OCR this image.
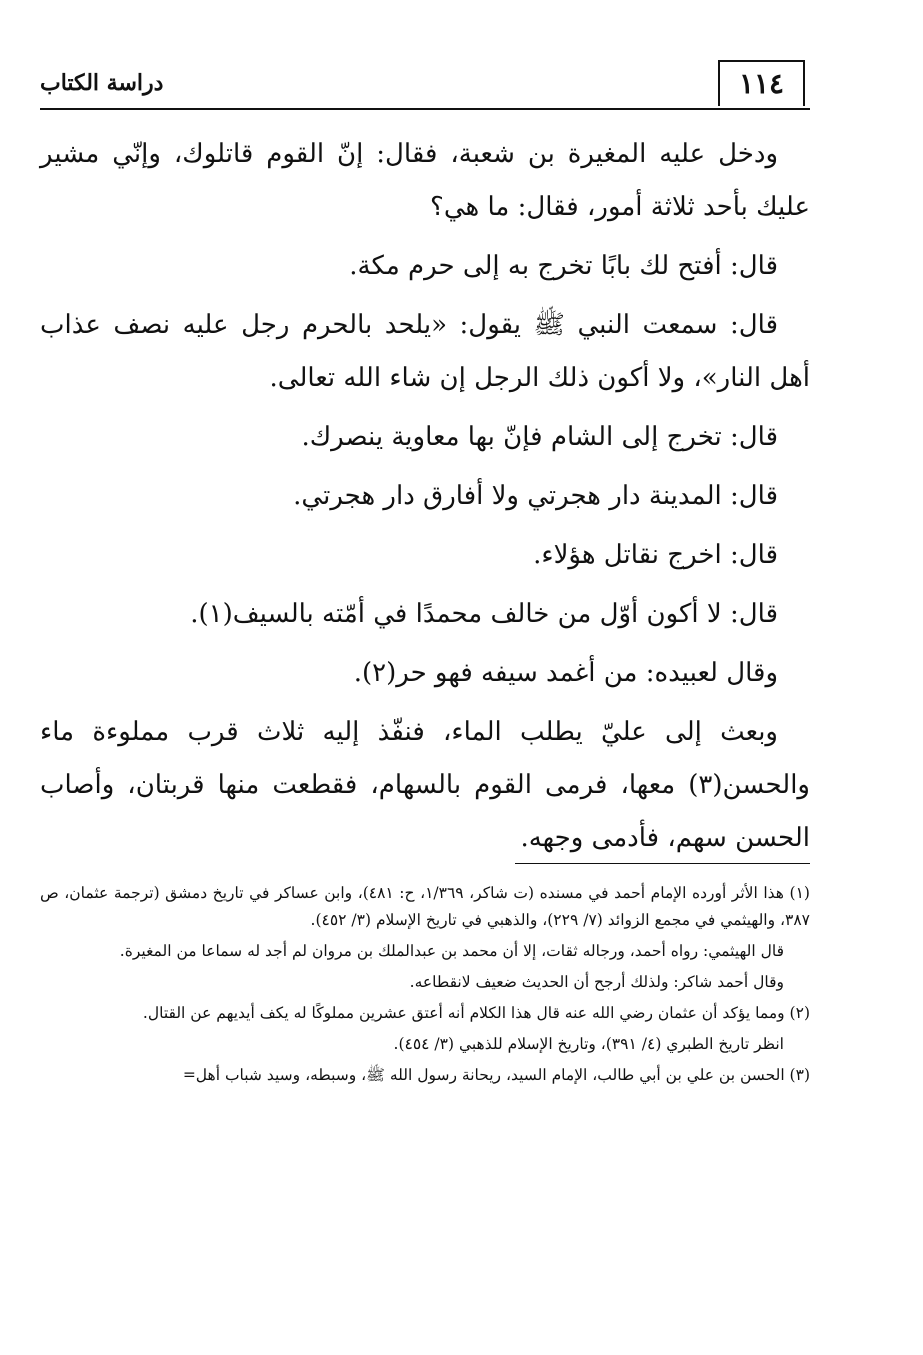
١١٤
دراسة الكتاب

ودخل عليه المغيرة بن شعبة، فقال: إنّ القوم قاتلوك، وإنّي مشير عليك بأحد ثلاثة أمور، فقال: ما هي؟

قال: أفتح لك بابًا تخرج به إلى حرم مكة.

قال: سمعت النبي ﷺ يقول: «يلحد بالحرم رجل عليه نصف عذاب أهل النار»، ولا أكون ذلك الرجل إن شاء الله تعالى.

قال: تخرج إلى الشام فإنّ بها معاوية ينصرك.

قال: المدينة دار هجرتي ولا أفارق دار هجرتي.

قال: اخرج نقاتل هؤلاء.

قال: لا أكون أوّل من خالف محمدًا في أمّته بالسيف(١).

وقال لعبيده: من أغمد سيفه فهو حر(٢).

وبعث إلى عليّ يطلب الماء، فنفّذ إليه ثلاث قرب مملوءة ماء والحسن(٣) معها، فرمى القوم بالسهام، فقطعت منها قربتان، وأصاب الحسن سهم، فأدمى وجهه.

(١) هذا الأثر أورده الإمام أحمد في مسنده (ت شاكر، ١/٣٦٩، ح: ٤٨١)، وابن عساكر في تاريخ دمشق (ترجمة عثمان، ص ٣٨٧، والهيثمي في مجمع الزوائد (٧/ ٢٢٩)، والذهبي في تاريخ الإسلام (٣/ ٤٥٢).

قال الهيثمي: رواه أحمد، ورجاله ثقات، إلا أن محمد بن عبدالملك بن مروان لم أجد له سماعا من المغيرة.

وقال أحمد شاكر: ولذلك أرجح أن الحديث ضعيف لانقطاعه.

(٢) ومما يؤكد أن عثمان رضي الله عنه قال هذا الكلام أنه أعتق عشرين مملوكًا له يكف أيديهم عن القتال.

انظر تاريخ الطبري (٤/ ٣٩١)، وتاريخ الإسلام للذهبي (٣/ ٤٥٤).

(٣) الحسن بن علي بن أبي طالب، الإمام السيد، ريحانة رسول الله ﷺ، وسبطه، وسيد شباب أهل=
